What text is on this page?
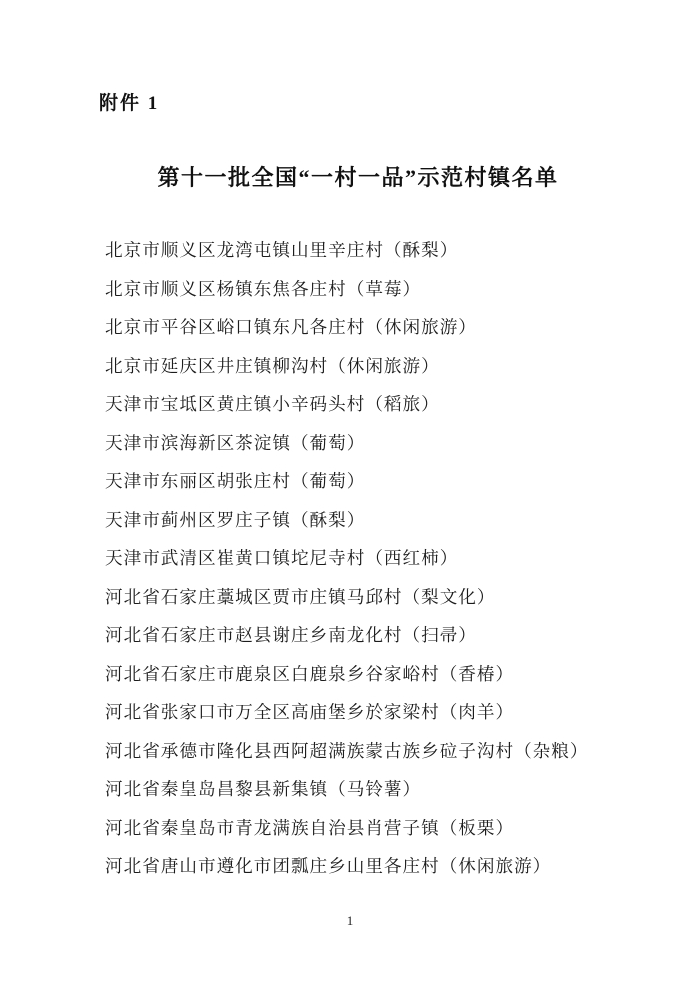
附件 1
第十一批全国“一村一品”示范村镇名单
北京市顺义区龙湾屯镇山里辛庄村（酥梨）
北京市顺义区杨镇东焦各庄村（草莓）
北京市平谷区峪口镇东凡各庄村（休闲旅游）
北京市延庆区井庄镇柳沟村（休闲旅游）
天津市宝坻区黄庄镇小辛码头村（稻旅）
天津市滨海新区茶淀镇（葡萄）
天津市东丽区胡张庄村（葡萄）
天津市蓟州区罗庄子镇（酥梨）
天津市武清区崔黄口镇坨尼寺村（西红柿）
河北省石家庄藁城区贾市庄镇马邱村（梨文化）
河北省石家庄市赵县谢庄乡南龙化村（扫帚）
河北省石家庄市鹿泉区白鹿泉乡谷家峪村（香椿）
河北省张家口市万全区高庙堡乡於家梁村（肉羊）
河北省承德市隆化县西阿超满族蒙古族乡砬子沟村（杂粮）
河北省秦皇岛昌黎县新集镇（马铃薯）
河北省秦皇岛市青龙满族自治县肖营子镇（板栗）
河北省唐山市遵化市团瓢庄乡山里各庄村（休闲旅游）
1
